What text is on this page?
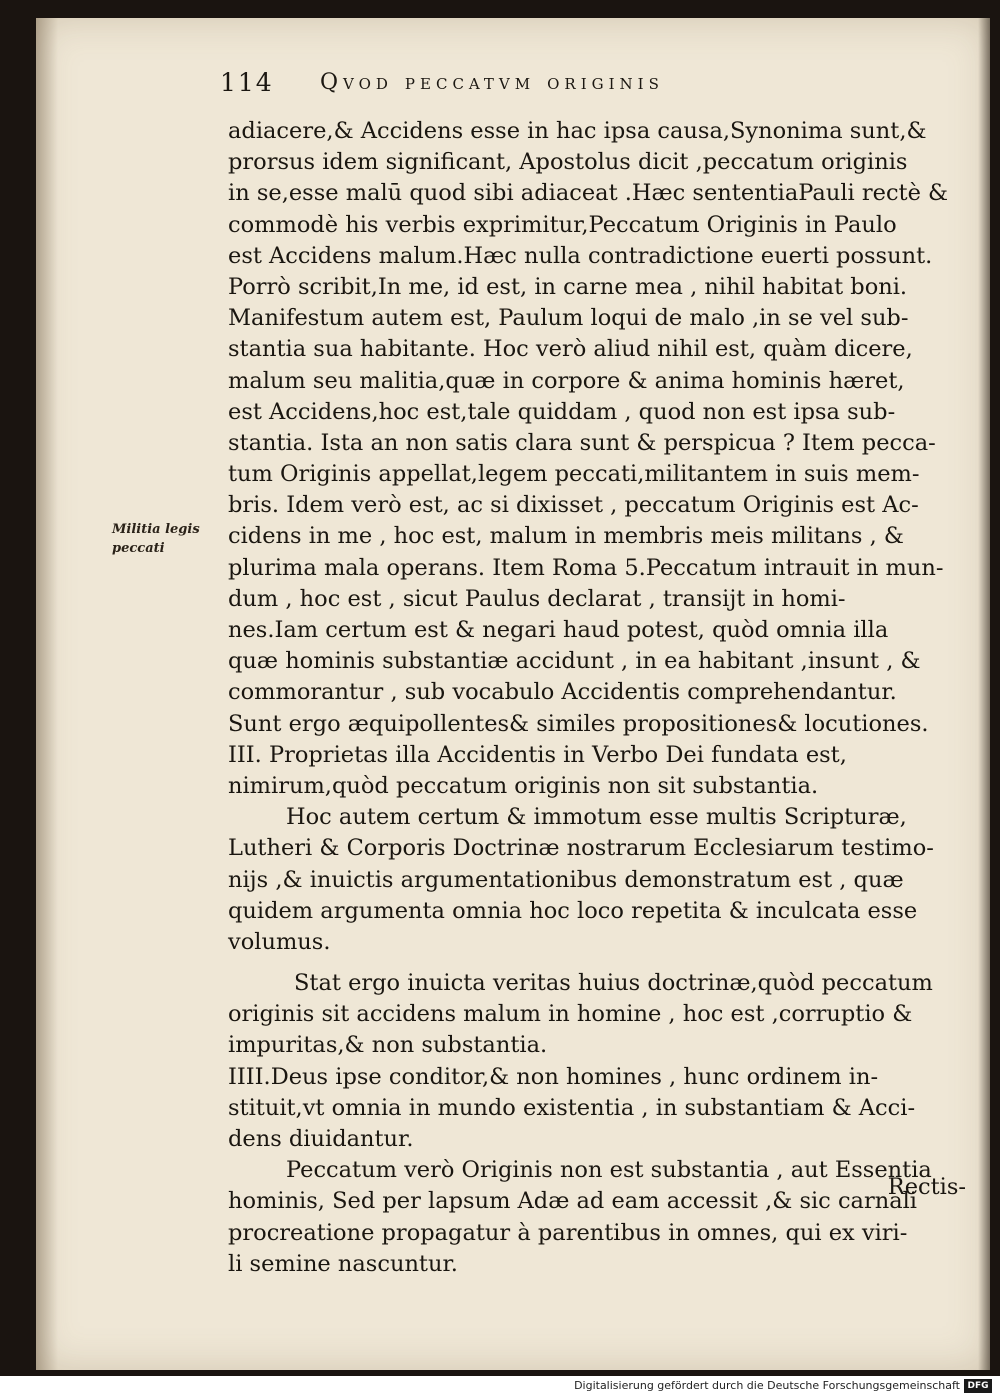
114 Qvod peccatvm originis
Militia legis peccati
adiacere,& Accidens esse in hac ipsa causa,Synonima sunt,&
prorsus idem significant, Apostolus dicit ,peccatum originis
in se,esse malū quod sibi adiaceat .Hæc sententiaPauli rectè &
commodè his verbis exprimitur,Peccatum Originis in Paulo
est Accidens malum.Hæc nulla contradictione euerti possunt.
Porrò scribit,In me, id est, in carne mea , nihil habitat boni.
Manifestum autem est, Paulum loqui de malo ,in se vel sub-
stantia sua habitante. Hoc verò aliud nihil est, quàm dicere,
malum seu malitia,quæ in corpore & anima hominis hæret,
est Accidens,hoc est,tale quiddam , quod non est ipsa sub-
stantia. Ista an non satis clara sunt & perspicua ? Item pecca-
tum Originis appellat,legem peccati,militantem in suis mem-
bris. Idem verò est, ac si dixisset , peccatum Originis est Ac-
cidens in me , hoc est, malum in membris meis militans , &
plurima mala operans. Item Roma 5.Peccatum intrauit in mun-
dum , hoc est , sicut Paulus declarat , transijt in homi-
nes.Iam certum est & negari haud potest, quòd omnia illa
quæ hominis substantiæ accidunt , in ea habitant ,insunt , &
commorantur , sub vocabulo Accidentis comprehendantur.
Sunt ergo æquipollentes& similes propositiones& locutiones.
III. Proprietas illa Accidentis in Verbo Dei fundata est,
nimirum,quòd peccatum originis non sit substantia.
Hoc autem certum & immotum esse multis Scripturæ,
Lutheri & Corporis Doctrinæ nostrarum Ecclesiarum testimo-
nijs ,& inuictis argumentationibus demonstratum est , quæ
quidem argumenta omnia hoc loco repetita & inculcata esse
volumus.
Stat ergo inuicta veritas huius doctrinæ,quòd peccatum
originis sit accidens malum in homine , hoc est ,corruptio &
impuritas,& non substantia.
IIII.Deus ipse conditor,& non homines , hunc ordinem in-
stituit,vt omnia in mundo existentia , in substantiam & Acci-
dens diuidantur.
Peccatum verò Originis non est substantia , aut Essentia
hominis, Sed per lapsum Adæ ad eam accessit ,& sic carnali
procreatione propagatur à parentibus in omnes, qui ex viri-
li semine nascuntur.
Rectis-
Digitalisierung gefördert durch die Deutsche Forschungsgemeinschaft DFG
